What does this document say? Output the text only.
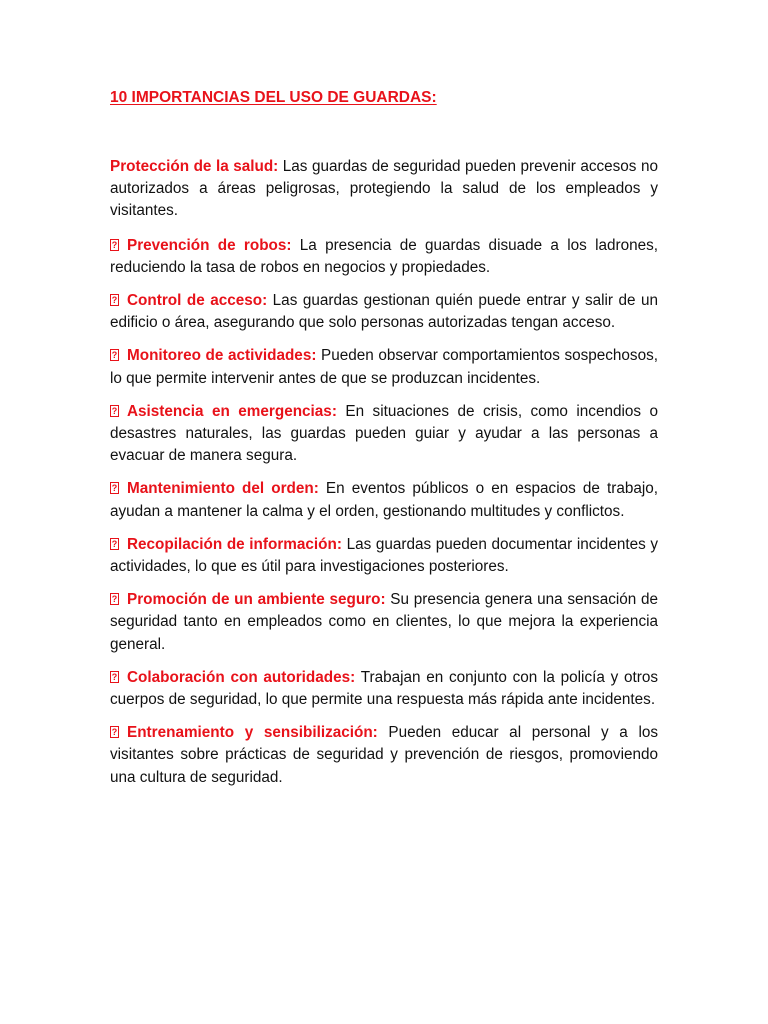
10 IMPORTANCIAS DEL USO DE GUARDAS:

Protección de la salud: Las guardas de seguridad pueden prevenir accesos no autorizados a áreas peligrosas, protegiendo la salud de los empleados y visitantes.

?Prevención de robos: La presencia de guardas disuade a los ladrones, reduciendo la tasa de robos en negocios y propiedades.

?Control de acceso: Las guardas gestionan quién puede entrar y salir de un edificio o área, asegurando que solo personas autorizadas tengan acceso.

?Monitoreo de actividades: Pueden observar comportamientos sospechosos, lo que permite intervenir antes de que se produzcan incidentes.

?Asistencia en emergencias: En situaciones de crisis, como incendios o desastres naturales, las guardas pueden guiar y ayudar a las personas a evacuar de manera segura.

?Mantenimiento del orden: En eventos públicos o en espacios de trabajo, ayudan a mantener la calma y el orden, gestionando multitudes y conflictos.

?Recopilación de información: Las guardas pueden documentar incidentes y actividades, lo que es útil para investigaciones posteriores.

?Promoción de un ambiente seguro: Su presencia genera una sensación de seguridad tanto en empleados como en clientes, lo que mejora la experiencia general.

?Colaboración con autoridades: Trabajan en conjunto con la policía y otros cuerpos de seguridad, lo que permite una respuesta más rápida ante incidentes.

?Entrenamiento y sensibilización: Pueden educar al personal y a los visitantes sobre prácticas de seguridad y prevención de riesgos, promoviendo una cultura de seguridad.
